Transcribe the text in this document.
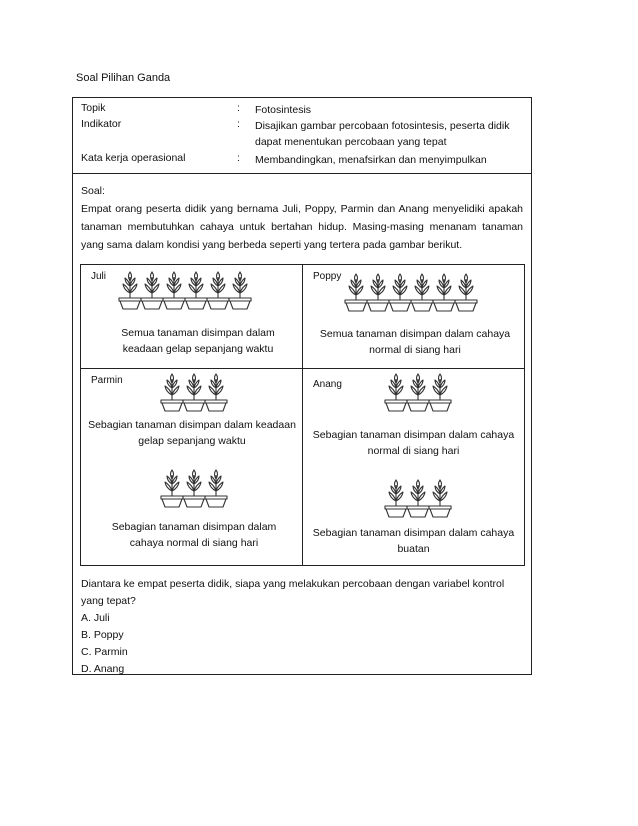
Soal Pilihan Ganda
Topik	: Fotosintesis
Indikator	: Disajikan gambar percobaan fotosintesis, peserta didik dapat menentukan percobaan yang tepat
Kata kerja operasional	: Membandingkan, menafsirkan dan menyimpulkan
Soal:
Empat orang peserta didik yang bernama Juli, Poppy, Parmin dan Anang menyelidiki apakah tanaman membutuhkan cahaya untuk bertahan hidup. Masing-masing menanam tanaman yang sama dalam kondisi yang berbeda seperti yang tertera pada gambar berikut.
Juli
Semua tanaman disimpan dalam keadaan gelap sepanjang waktu
Poppy
Semua tanaman disimpan dalam cahaya normal di siang hari
Parmin
Sebagian tanaman disimpan dalam keadaan gelap sepanjang waktu
Sebagian tanaman disimpan dalam cahaya normal di siang hari
Anang
Sebagian tanaman disimpan dalam cahaya normal di siang hari
Sebagian tanaman disimpan dalam cahaya buatan
Diantara ke empat peserta didik, siapa yang melakukan percobaan dengan variabel kontrol yang tepat?
A. Juli
B. Poppy
C. Parmin
D. Anang
